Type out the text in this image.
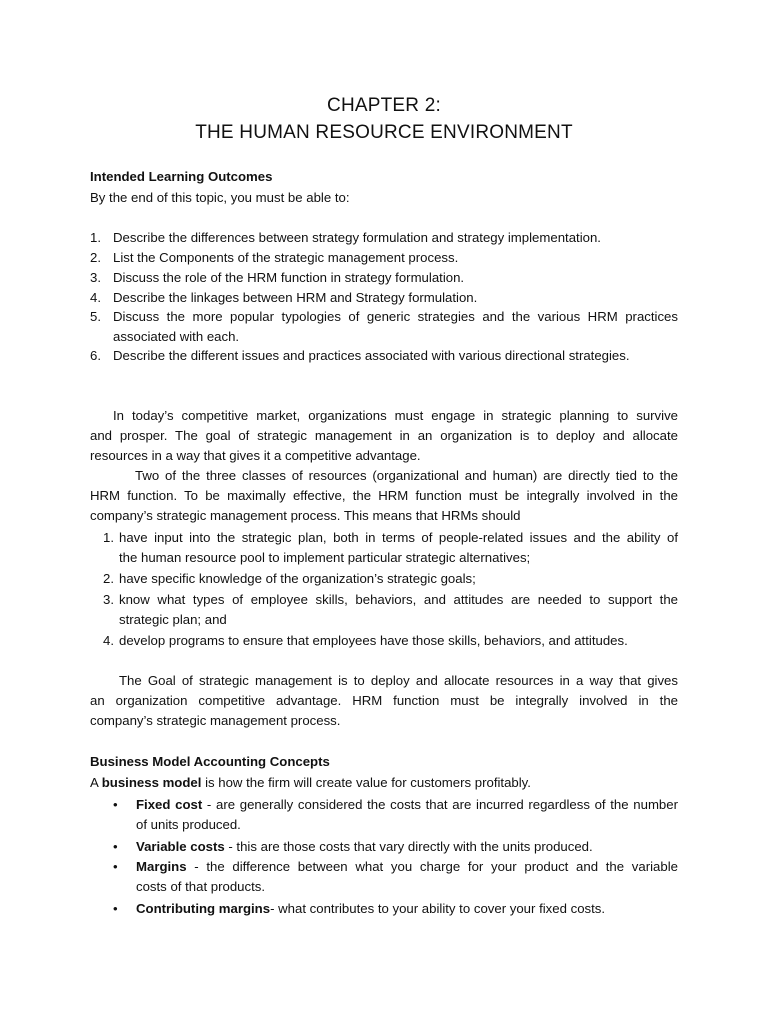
CHAPTER 2:
THE HUMAN RESOURCE ENVIRONMENT
Intended Learning Outcomes
By the end of this topic, you must be able to:
1. Describe the differences between strategy formulation and strategy implementation.
2. List the Components of the strategic management process.
3. Discuss the role of the HRM function in strategy formulation.
4. Describe the linkages between HRM and Strategy formulation.
5. Discuss the more popular typologies of generic strategies and the various HRM practices
associated with each.
6. Describe the different issues and practices associated with various directional strategies.
In today’s competitive market, organizations must engage in strategic planning to survive
and prosper. The goal of strategic management in an organization is to deploy and allocate
resources in a way that gives it a competitive advantage.
Two of the three classes of resources (organizational and human) are directly tied to the
HRM function. To be maximally effective, the HRM function must be integrally involved in the
company’s strategic management process. This means that HRMs should
1. have input into the strategic plan, both in terms of people-related issues and the ability of
the human resource pool to implement particular strategic alternatives;
2. have specific knowledge of the organization’s strategic goals;
3. know what types of employee skills, behaviors, and attitudes are needed to support the
strategic plan; and
4. develop programs to ensure that employees have those skills, behaviors, and attitudes.
The Goal of strategic management is to deploy and allocate resources in a way that gives
an organization competitive advantage. HRM function must be integrally involved in the
company’s strategic management process.
Business Model Accounting Concepts
A business model is how the firm will create value for customers profitably.
• Fixed cost - are generally considered the costs that are incurred regardless of the number
of units produced.
• Variable costs - this are those costs that vary directly with the units produced.
• Margins - the difference between what you charge for your product and the variable
costs of that products.
• Contributing margins- what contributes to your ability to cover your fixed costs.
